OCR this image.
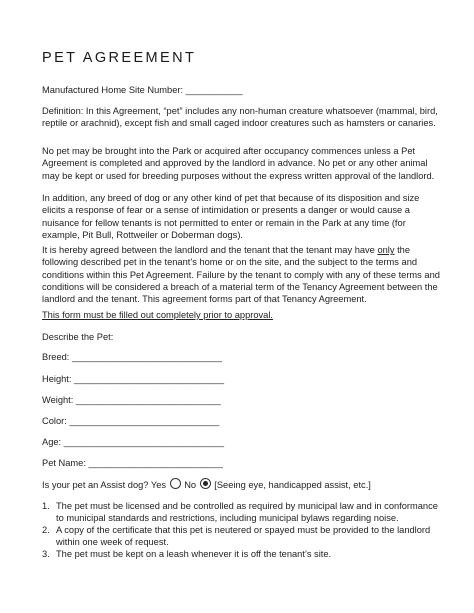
PET AGREEMENT

Manufactured Home Site Number: ___________

Definition: In this Agreement, “pet” includes any non-human creature whatsoever (mammal, bird, reptile or arachnid), except fish and small caged indoor creatures such as hamsters or canaries.

No pet may be brought into the Park or acquired after occupancy commences unless a Pet Agreement is completed and approved by the landlord in advance. No pet or any other animal may be kept or used for breeding purposes without the express written approval of the landlord.

In addition, any breed of dog or any other kind of pet that because of its disposition and size elicits a response of fear or a sense of intimidation or presents a danger or would cause a nuisance for fellow tenants is not permitted to enter or remain in the Park at any time (for example, Pit Bull, Rottweiler or Doberman dogs).

It is hereby agreed between the landlord and the tenant that the tenant may have only the following described pet in the tenant’s home or on the site, and the subject to the terms and conditions within this Pet Agreement. Failure by the tenant to comply with any of these terms and conditions will be considered a breach of a material term of the Tenancy Agreement between the landlord and the tenant. This agreement forms part of that Tenancy Agreement.

This form must be filled out completely prior to approval.

Describe the Pet:

Breed: _____________________________
Height: _____________________________
Weight: ____________________________
Color: _____________________________
Age: _______________________________
Pet Name: __________________________
Is your pet an Assist dog? Yes  No  [Seeing eye, handicapped assist, etc.]
1. The pet must be licensed and be controlled as required by municipal law and in conformance to municipal standards and restrictions, including municipal bylaws regarding noise.
2. A copy of the certificate that this pet is neutered or spayed must be provided to the landlord within one week of request.
3. The pet must be kept on a leash whenever it is off the tenant’s site.
